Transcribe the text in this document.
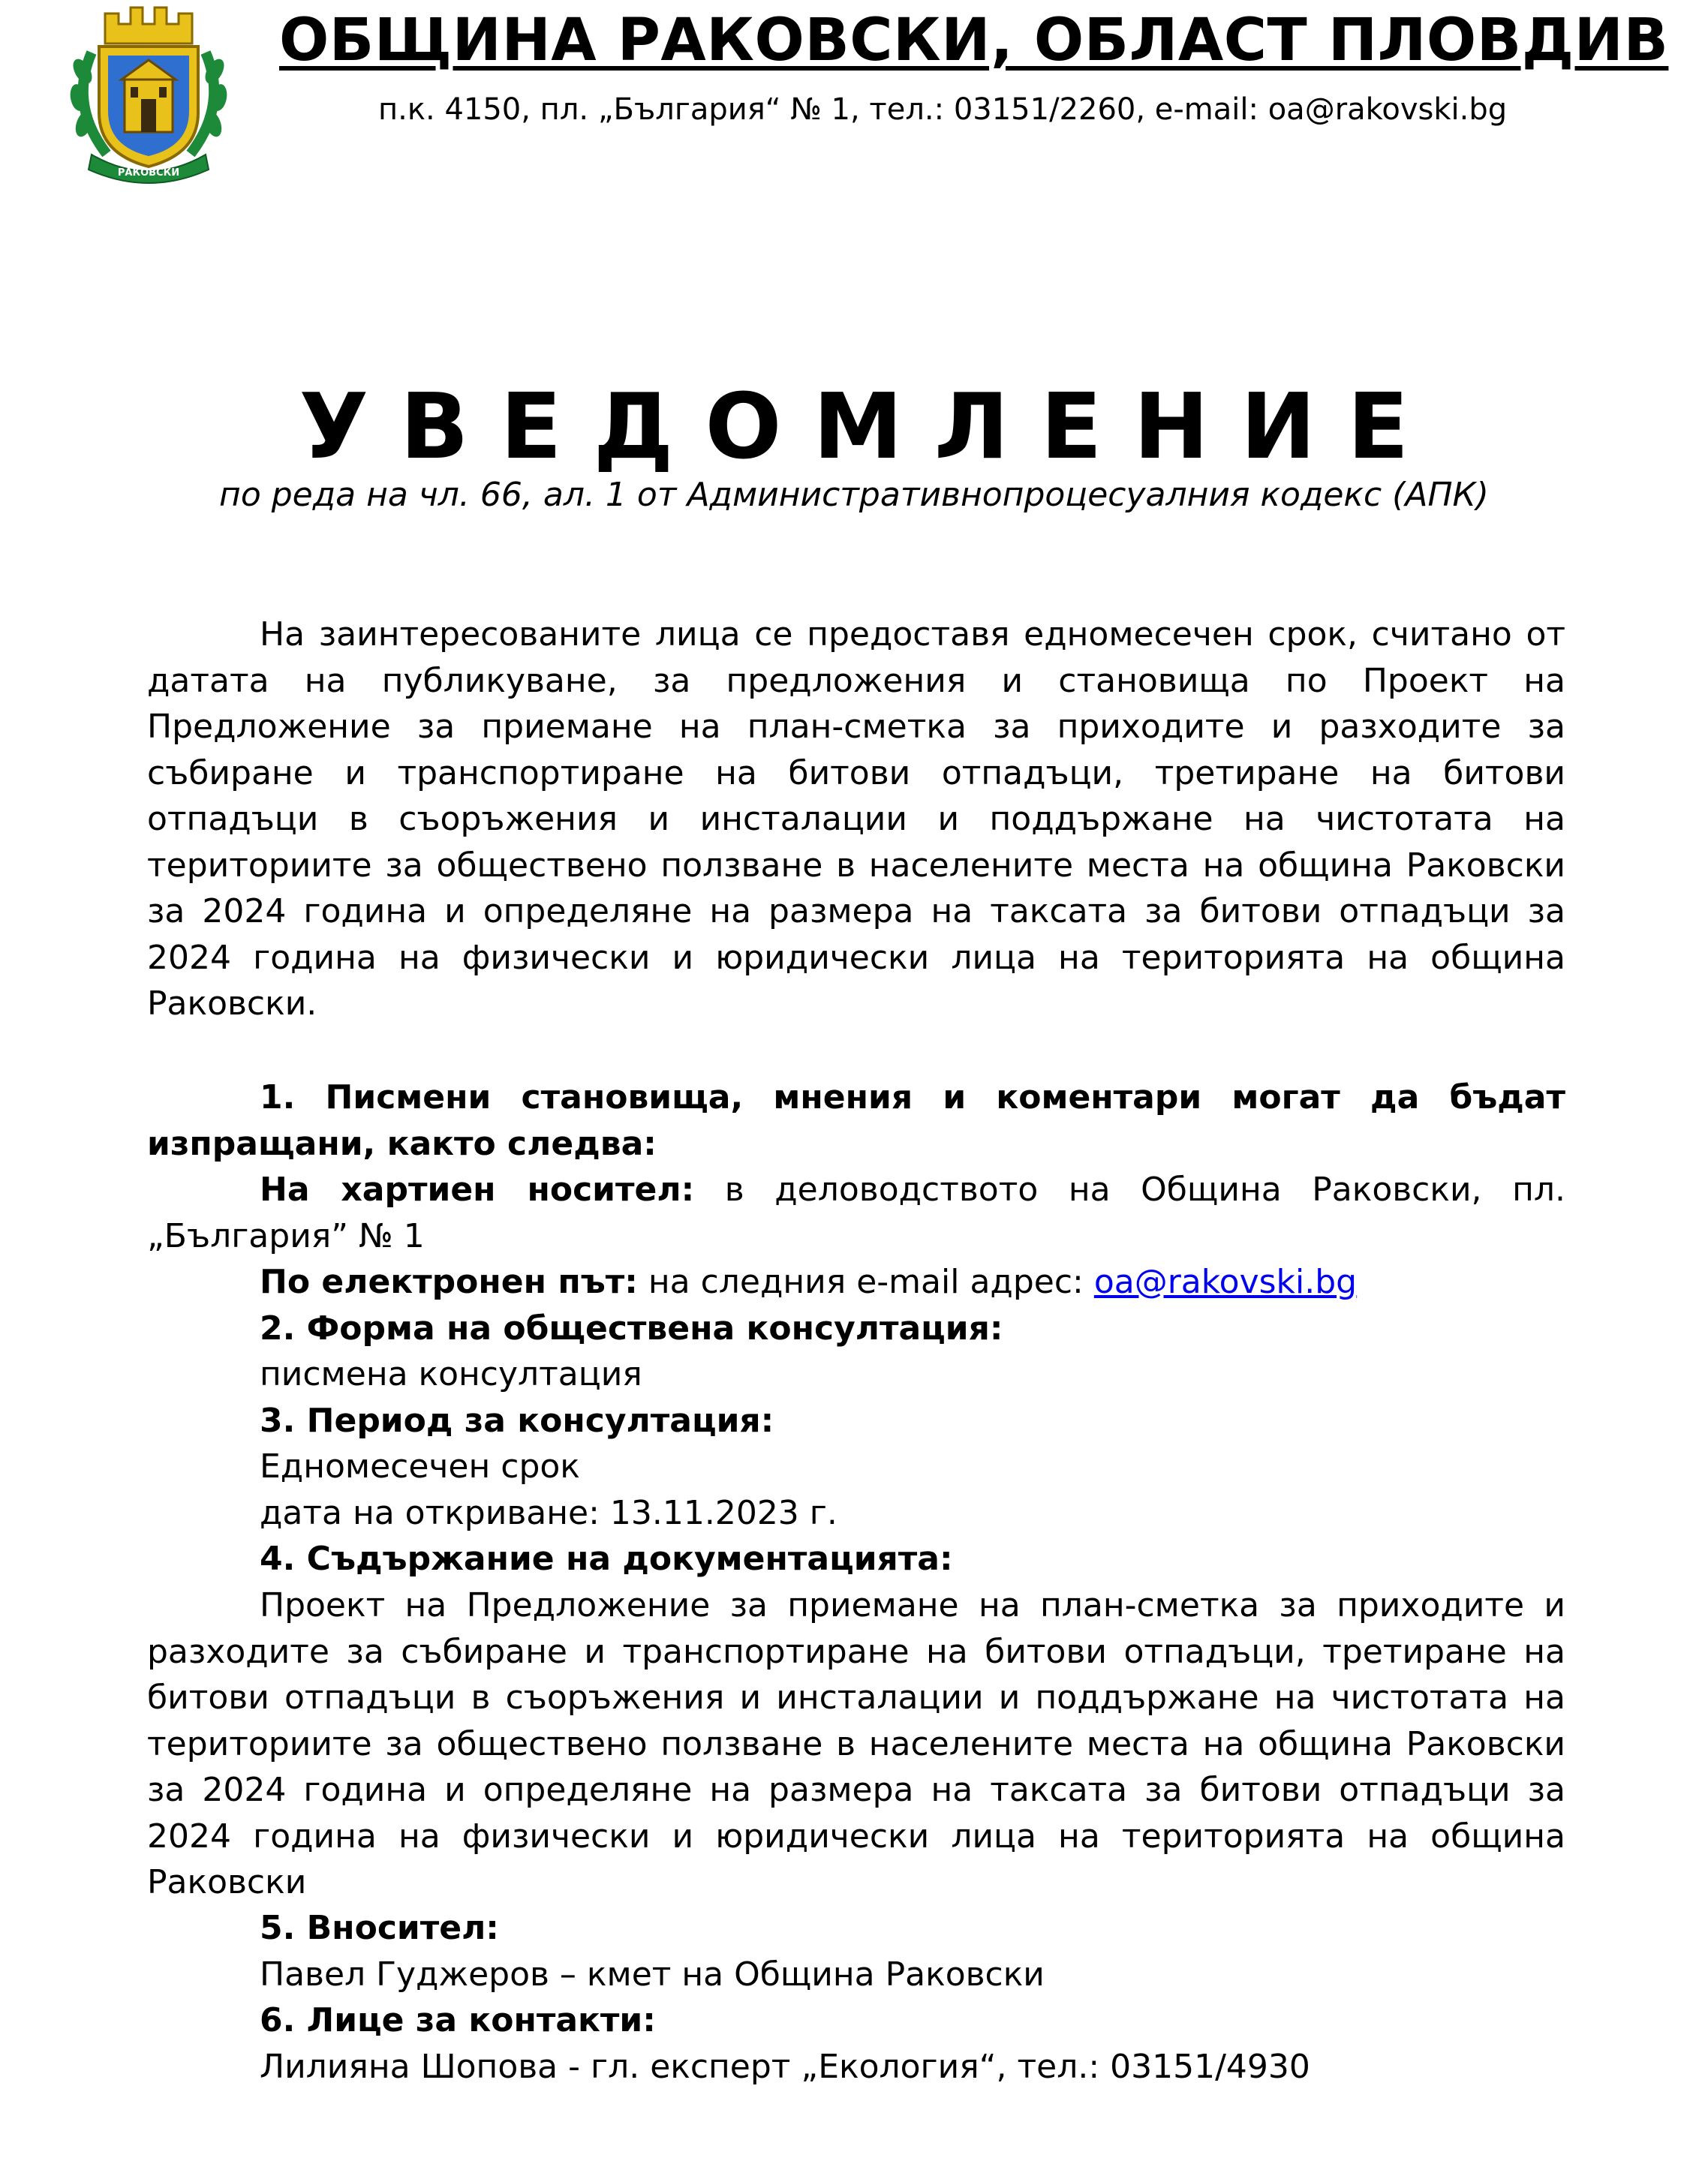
РАКОВСКИ
ОБЩИНА РАКОВСКИ, ОБЛАСТ ПЛОВДИВ
п.к. 4150, пл. „България“ № 1, тел.: 03151/2260, e-mail: oa@rakovski.bg
УВЕДОМЛЕНИЕ
по реда на чл. 66, ал. 1 от Административнопроцесуалния кодекс (АПК)
На заинтересованите лица се предоставя едномесечен срок, считано от датата на публикуване, за предложения и становища по Проект на Предложение за приемане на план-сметка за приходите и разходите за събиране и транспортиране на битови отпадъци, третиране на битови отпадъци в съоръжения и инсталации и поддържане на чистотата на териториите за обществено ползване в населените места на община Раковски за 2024 година и определяне на размера на таксата за битови отпадъци за 2024 година на физически и юридически лица на територията на община Раковски.
1. Писмени становища, мнения и коментари могат да бъдат изпращани, както следва:
На хартиен носител: в деловодството на Община Раковски, пл. „България” № 1
По електронен път: на следния e-mail адрес: oa@rakovski.bg
2. Форма на обществена консултация:
писмена консултация
3. Период за консултация:
Едномесечен срок
дата на откриване: 13.11.2023 г.
4. Съдържание на документацията:
Проект на Предложение за приемане на план-сметка за приходите и разходите за събиране и транспортиране на битови отпадъци, третиране на битови отпадъци в съоръжения и инсталации и поддържане на чистотата на териториите за обществено ползване в населените места на община Раковски за 2024 година и определяне на размера на таксата за битови отпадъци за 2024 година на физически и юридически лица на територията на община Раковски
5. Вносител:
Павел Гуджеров – кмет на Община Раковски
6. Лице за контакти:
Лилияна Шопова - гл. експерт „Екология“, тел.: 03151/4930
